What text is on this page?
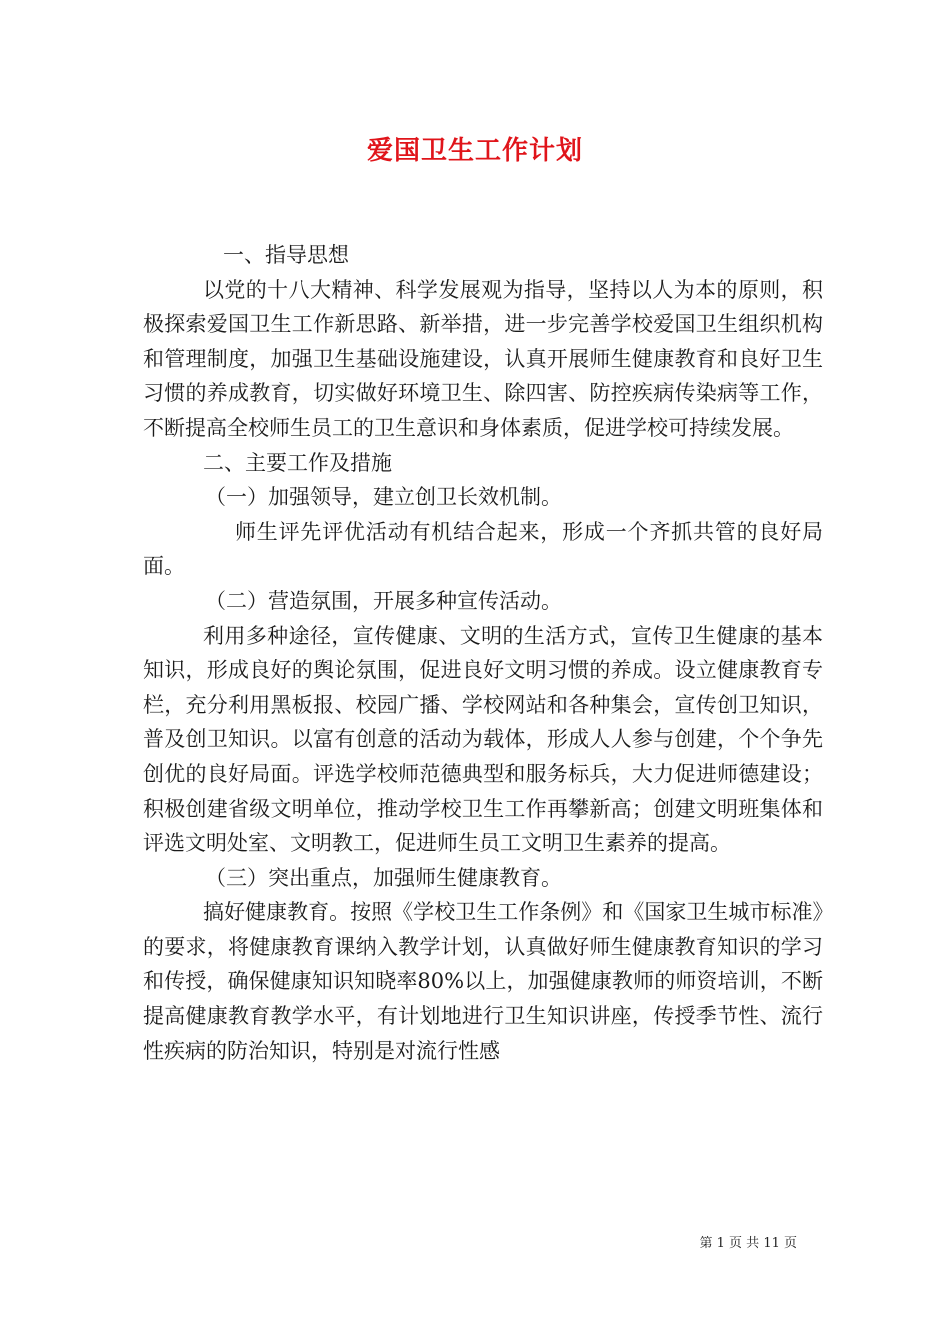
爱国卫生工作计划

一、指导思想

以党的十八大精神、科学发展观为指导，坚持以人为本的原则，积极探索爱国卫生工作新思路、新举措，进一步完善学校爱国卫生组织机构和管理制度，加强卫生基础设施建设，认真开展师生健康教育和良好卫生习惯的养成教育，切实做好环境卫生、除四害、防控疾病传染病等工作，不断提高全校师生员工的卫生意识和身体素质，促进学校可持续发展。

二、主要工作及措施

（一）加强领导，建立创卫长效机制。

师生评先评优活动有机结合起来，形成一个齐抓共管的良好局面。

（二）营造氛围，开展多种宣传活动。

利用多种途径，宣传健康、文明的生活方式，宣传卫生健康的基本知识，形成良好的舆论氛围，促进良好文明习惯的养成。设立健康教育专栏，充分利用黑板报、校园广播、学校网站和各种集会，宣传创卫知识，普及创卫知识。以富有创意的活动为载体，形成人人参与创建，个个争先创优的良好局面。评选学校师范德典型和服务标兵，大力促进师德建设；积极创建省级文明单位，推动学校卫生工作再攀新高；创建文明班集体和评选文明处室、文明教工，促进师生员工文明卫生素养的提高。

（三）突出重点，加强师生健康教育。

搞好健康教育。按照《学校卫生工作条例》和《国家卫生城市标准》的要求，将健康教育课纳入教学计划，认真做好师生健康教育知识的学习和传授，确保健康知识知晓率80%以上，加强健康教师的师资培训，不断提高健康教育教学水平，有计划地进行卫生知识讲座，传授季节性、流行性疾病的防治知识，特别是对流行性感

第 1 页 共 11 页
